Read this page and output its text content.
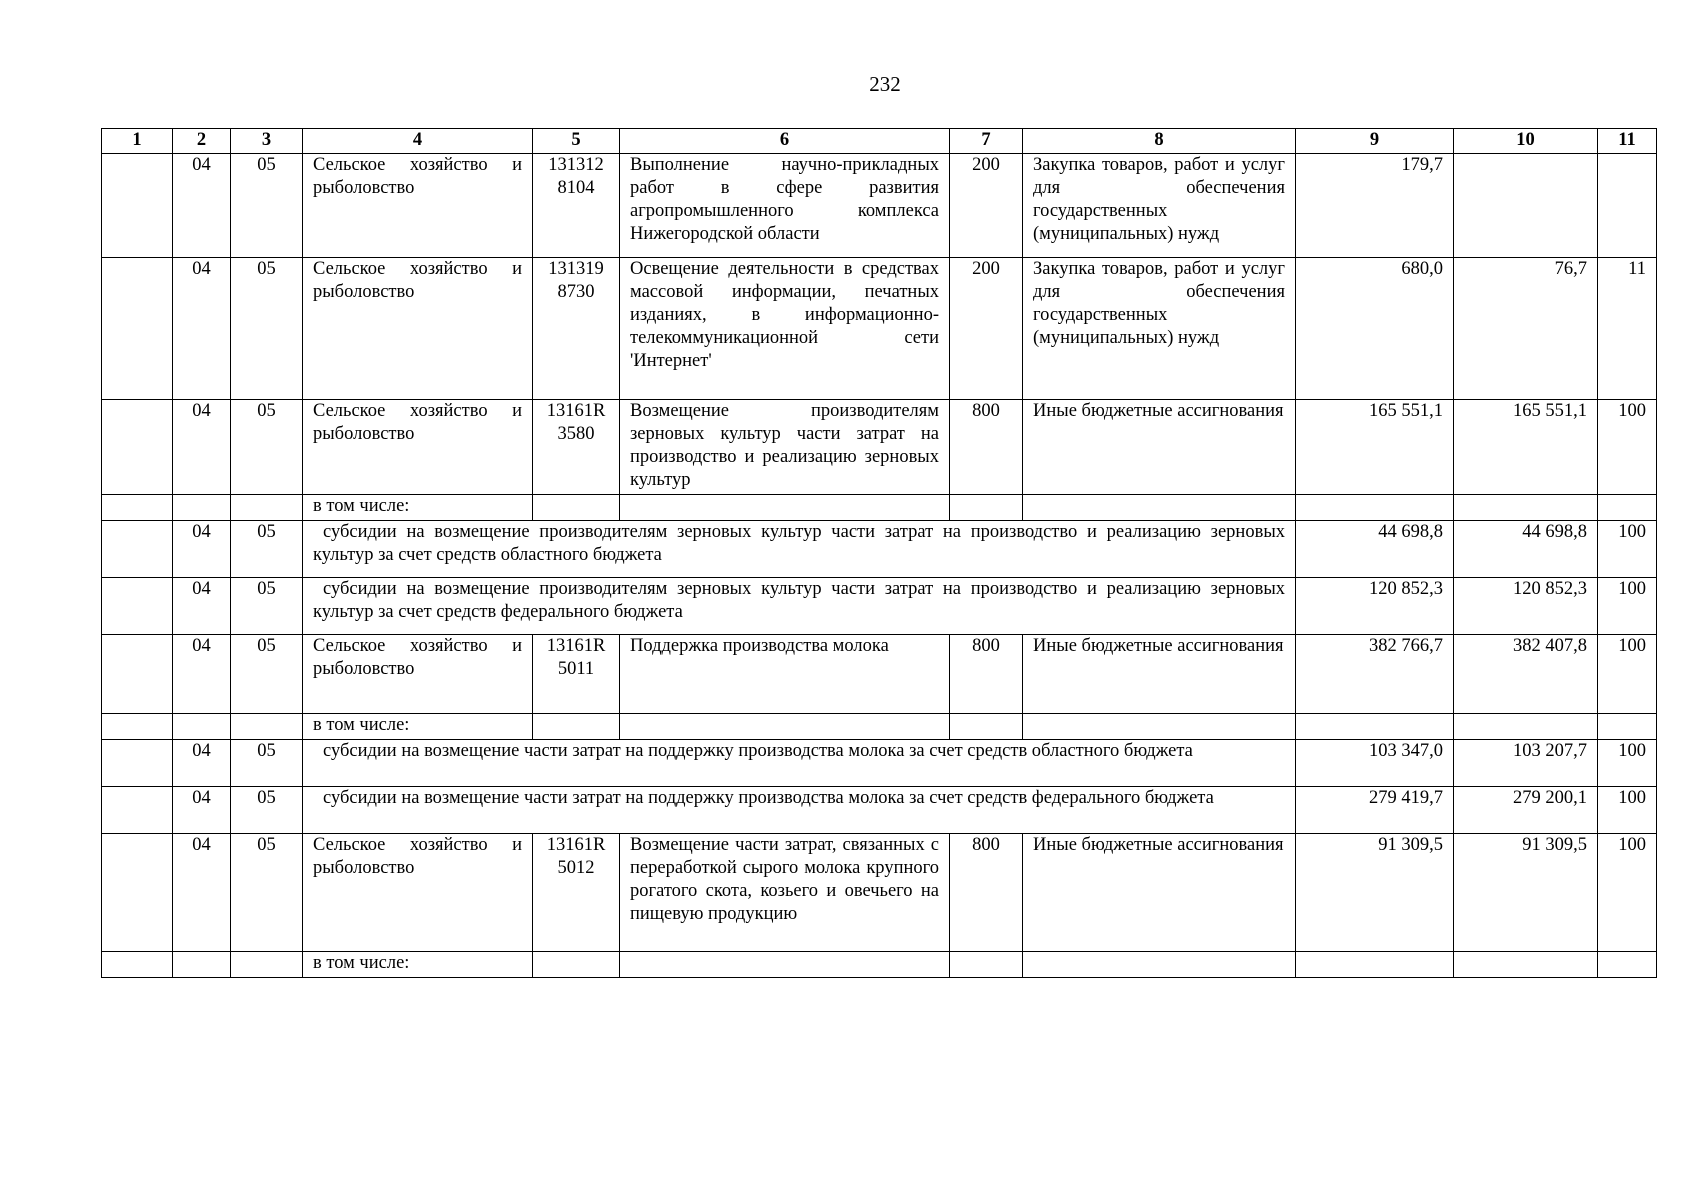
232
1	2	3	4	5	6	7	8	9	10	11
	04	05	Сельское хозяйство и рыболовство	131312 8104	Выполнение научно-прикладных работ в сфере развития агропромышленного комплекса Нижегородской области	200	Закупка товаров, работ и услуг для обеспечения государственных (муниципальных) нужд	179,7		
	04	05	Сельское хозяйство и рыболовство	131319 8730	Освещение деятельности в средствах массовой информации, печатных изданиях, в информационно-телекоммуникационной сети 'Интернет'	200	Закупка товаров, работ и услуг для обеспечения государственных (муниципальных) нужд	680,0	76,7	11
	04	05	Сельское хозяйство и рыболовство	13161R 3580	Возмещение производителям зерновых культур части затрат на производство и реализацию зерновых культур	800	Иные бюджетные ассигнования	165 551,1	165 551,1	100
			в том числе:							
	04	05	субсидии на возмещение производителям зерновых культур части затрат на производство и реализацию зерновых культур за счет средств областного бюджета					44 698,8	44 698,8	100
	04	05	субсидии на возмещение производителям зерновых культур части затрат на производство и реализацию зерновых культур за счет средств федерального бюджета					120 852,3	120 852,3	100
	04	05	Сельское хозяйство и рыболовство	13161R 5011	Поддержка производства молока	800	Иные бюджетные ассигнования	382 766,7	382 407,8	100
			в том числе:							
	04	05	субсидии на возмещение части затрат на поддержку производства молока за счет средств областного бюджета					103 347,0	103 207,7	100
	04	05	субсидии на возмещение части затрат на поддержку производства молока за счет средств федерального бюджета					279 419,7	279 200,1	100
	04	05	Сельское хозяйство и рыболовство	13161R 5012	Возмещение части затрат, связанных с переработкой сырого молока крупного рогатого скота, козьего и овечьего на пищевую продукцию	800	Иные бюджетные ассигнования	91 309,5	91 309,5	100
			в том числе:							
